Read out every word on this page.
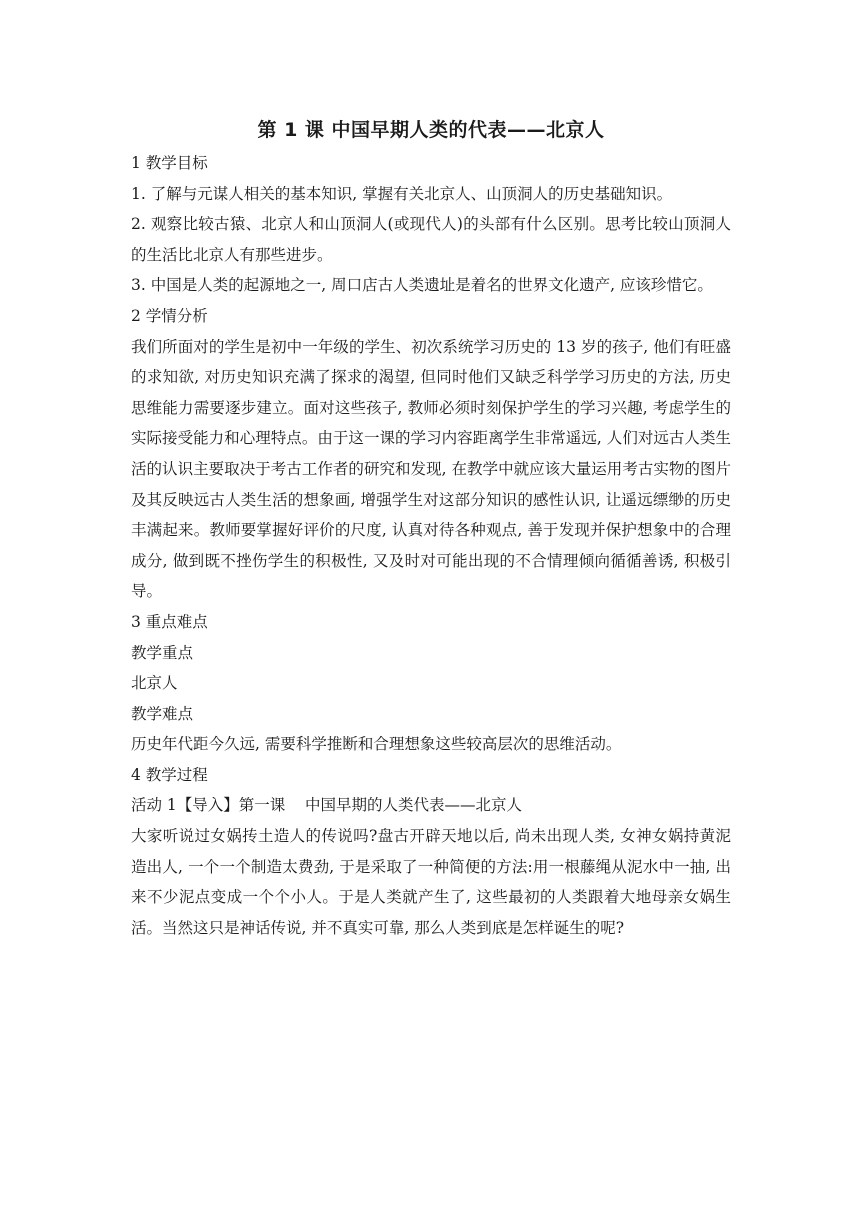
第 1 课 中国早期人类的代表——北京人

1 教学目标

1. 了解与元谋人相关的基本知识, 掌握有关北京人、山顶洞人的历史基础知识。

2. 观察比较古猿、北京人和山顶洞人(或现代人)的头部有什么区别。思考比较山顶洞人的生活比北京人有那些进步。

3. 中国是人类的起源地之一, 周口店古人类遗址是着名的世界文化遗产, 应该珍惜它。

2 学情分析

我们所面对的学生是初中一年级的学生、初次系统学习历史的 13 岁的孩子, 他们有旺盛的求知欲, 对历史知识充满了探求的渴望, 但同时他们又缺乏科学学习历史的方法, 历史思维能力需要逐步建立。面对这些孩子, 教师必须时刻保护学生的学习兴趣, 考虑学生的实际接受能力和心理特点。由于这一课的学习内容距离学生非常遥远, 人们对远古人类生活的认识主要取决于考古工作者的研究和发现, 在教学中就应该大量运用考古实物的图片及其反映远古人类生活的想象画, 增强学生对这部分知识的感性认识, 让遥远缥缈的历史丰满起来。教师要掌握好评价的尺度, 认真对待各种观点, 善于发现并保护想象中的合理成分, 做到既不挫伤学生的积极性, 又及时对可能出现的不合情理倾向循循善诱, 积极引导。

3 重点难点

教学重点

北京人

教学难点

历史年代距今久远, 需要科学推断和合理想象这些较高层次的思维活动。

4 教学过程

活动 1【导入】第一课    中国早期的人类代表——北京人

大家听说过女娲抟土造人的传说吗?盘古开辟天地以后, 尚未出现人类, 女神女娲持黄泥造出人, 一个一个制造太费劲, 于是采取了一种简便的方法:用一根藤绳从泥水中一抽, 出来不少泥点变成一个个小人。于是人类就产生了, 这些最初的人类跟着大地母亲女娲生活。当然这只是神话传说, 并不真实可靠, 那么人类到底是怎样诞生的呢?
